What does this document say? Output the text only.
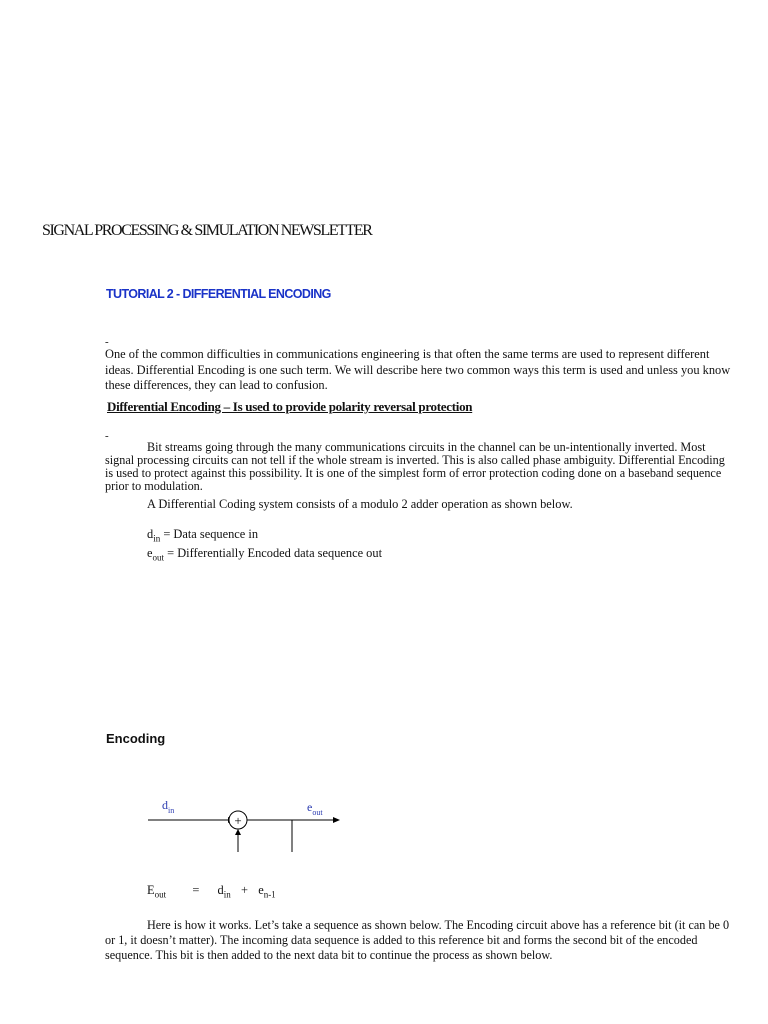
SIGNAL PROCESSING & SIMULATION NEWSLETTER
TUTORIAL 2 - DIFFERENTIAL ENCODING
-
One of the common difficulties in communications engineering is that often the same terms are used to represent different ideas. Differential Encoding is one such term. We will describe here two common ways this term is used and unless you know these differences, they can lead to confusion.
Differential Encoding – Is used to provide polarity reversal protection
-
Bit streams going through the many communications circuits in the channel can be un-intentionally inverted. Most signal processing circuits can not tell if the whole stream is inverted. This is also called phase ambiguity. Differential Encoding is used to protect against this possibility. It is one of the simplest form of error protection coding done on a baseband sequence prior to modulation.
A Differential Coding system consists of a modulo 2 adder operation as shown below.
$d_{in}$ = Data sequence in
$e_{out}$ = Differentially Encoded data sequence out
Encoding
$d_{in}$	$e_{out}$
+
$E_{out} = d_{in} + e_{n-1}$
Here is how it works. Let’s take a sequence as shown below. The Encoding circuit above has a reference bit (it can be 0 or 1, it doesn’t matter). The incoming data sequence is added to this reference bit and forms the second bit of the encoded sequence. This bit is then added to the next data bit to continue the process as shown below.
